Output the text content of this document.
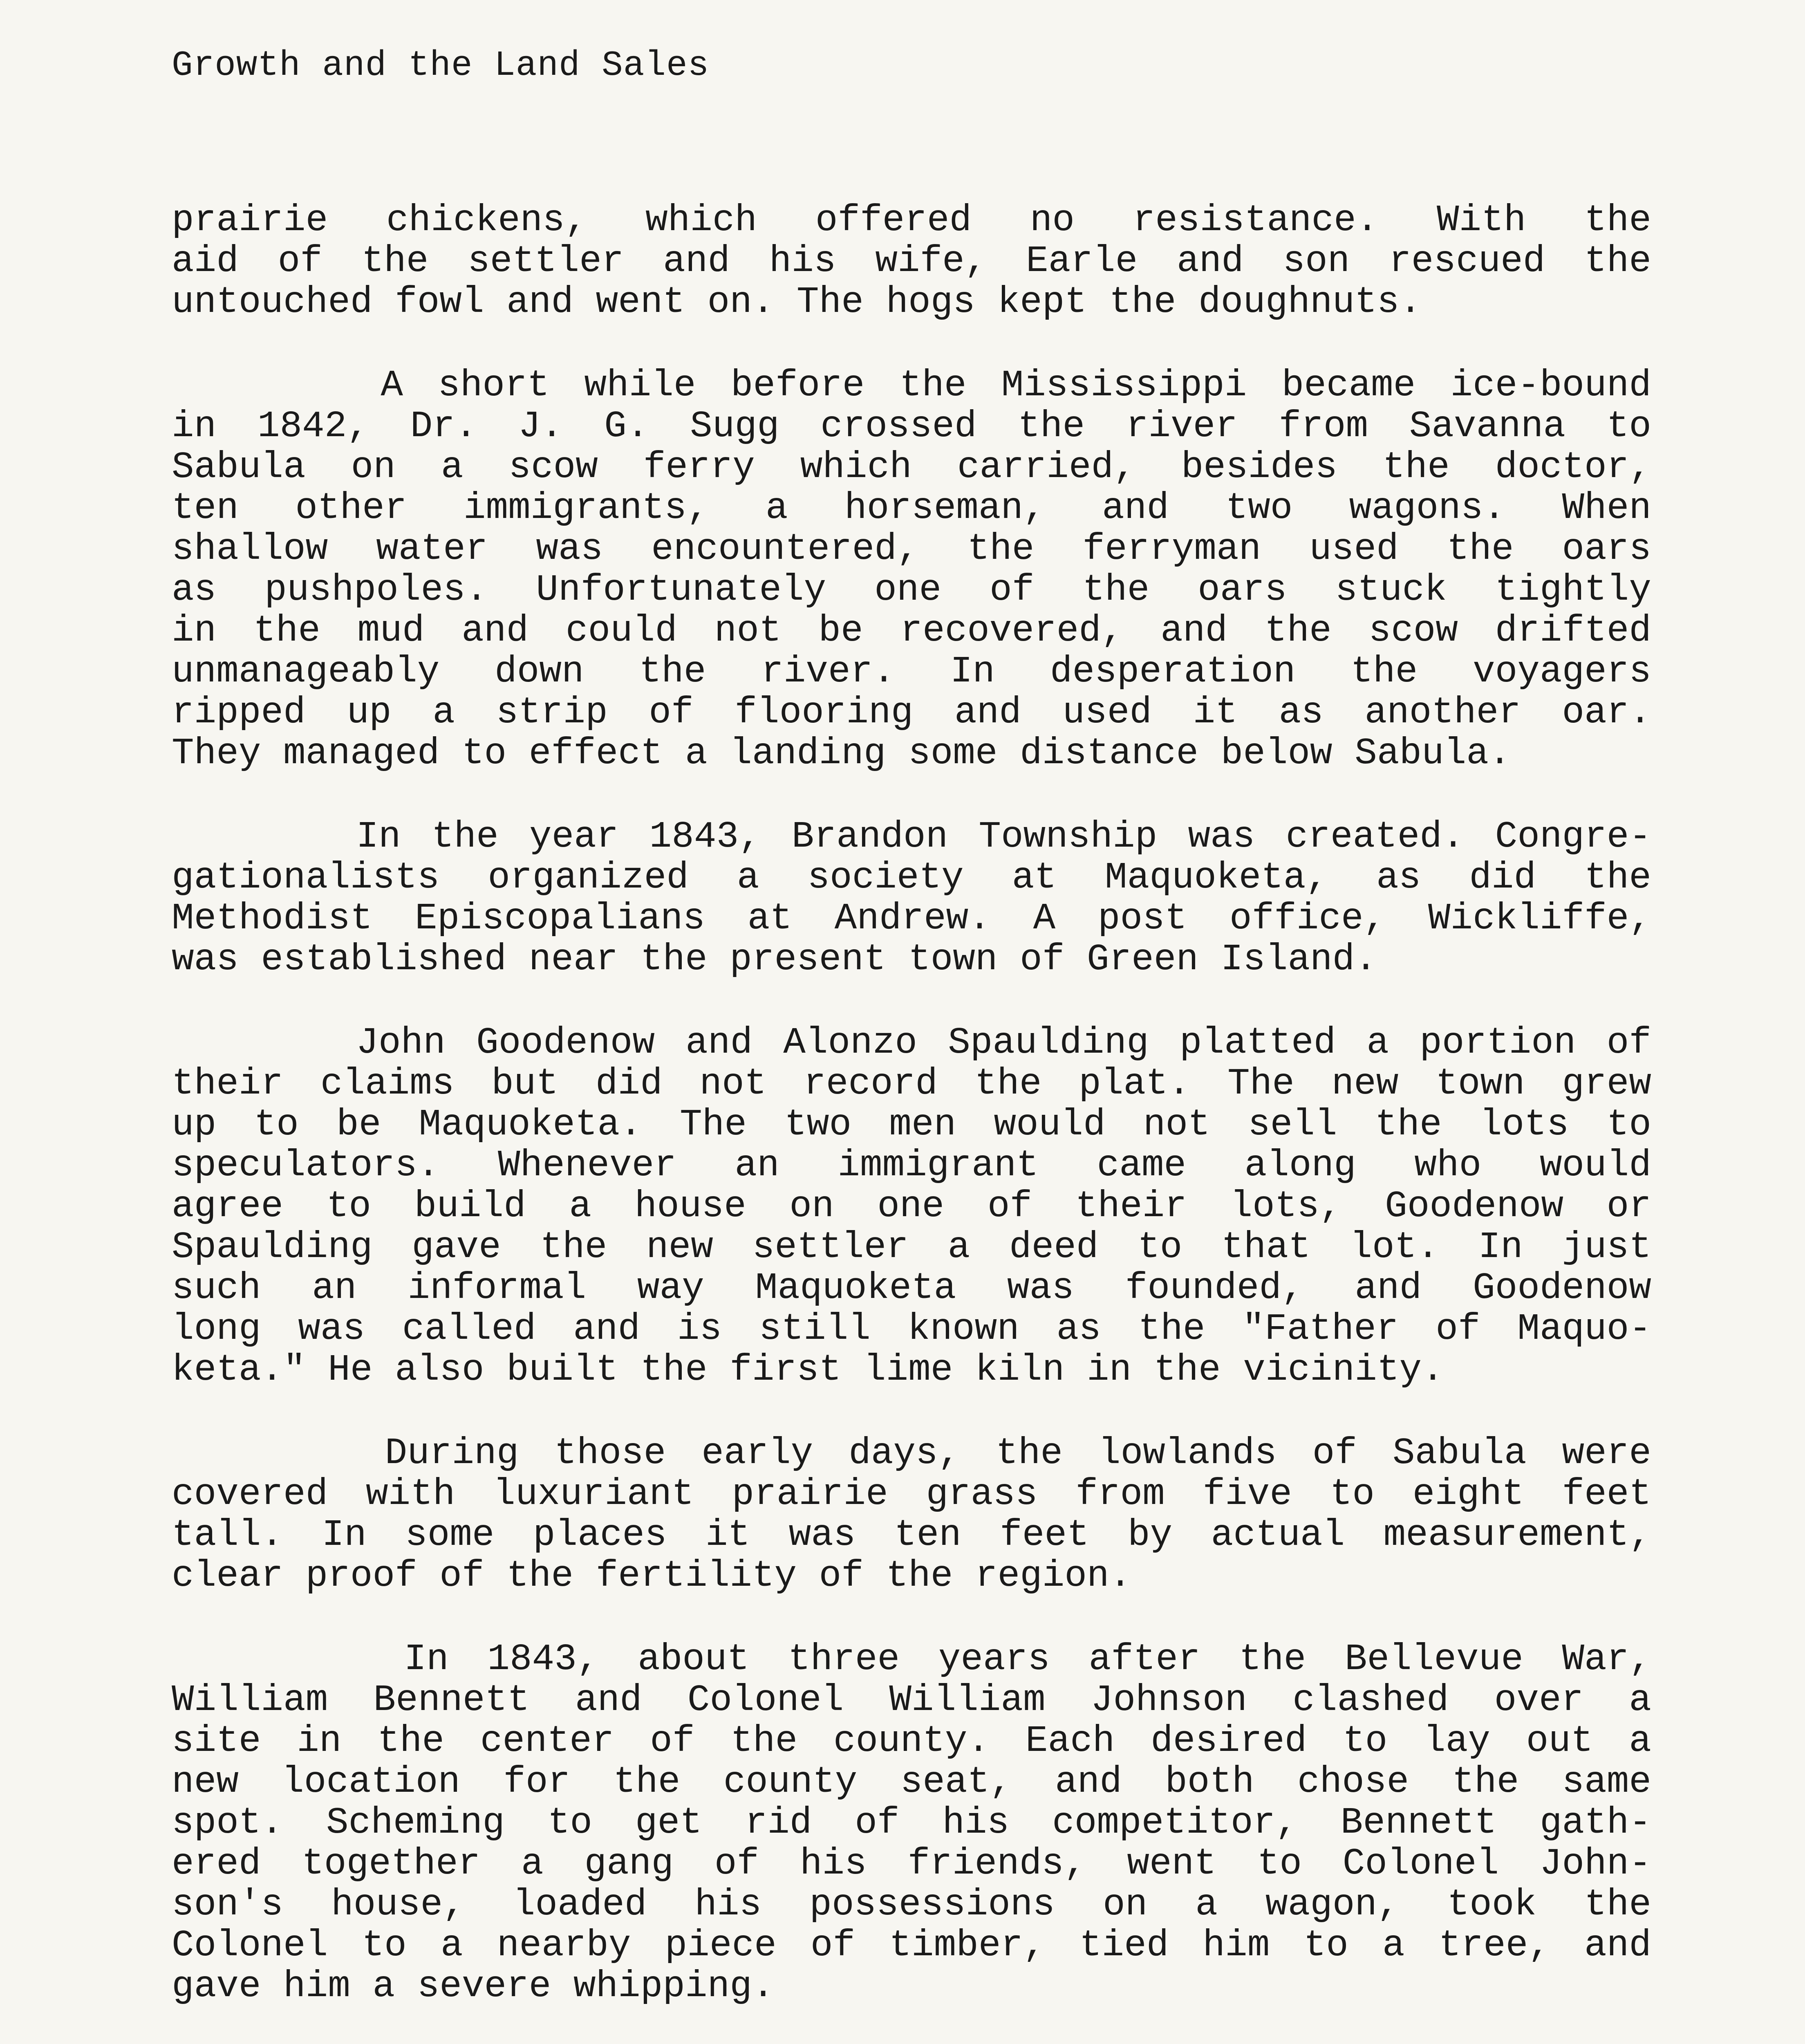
Growth and the Land Sales
prairie chickens, which offered no resistance. With the
aid of the settler and his wife, Earle and son rescued the
untouched fowl and went on. The hogs kept the doughnuts.
A short while before the Mississippi became ice-bound
in 1842, Dr. J. G. Sugg crossed the river from Savanna to
Sabula on a scow ferry which carried, besides the doctor,
ten other immigrants, a horseman, and two wagons. When
shallow water was encountered, the ferryman used the oars
as pushpoles. Unfortunately one of the oars stuck tightly
in the mud and could not be recovered, and the scow drifted
unmanageably down the river. In desperation the voyagers
ripped up a strip of flooring and used it as another oar.
They managed to effect a landing some distance below Sabula.
In the year 1843, Brandon Township was created. Congre-
gationalists organized a society at Maquoketa, as did the
Methodist Episcopalians at Andrew. A post office, Wickliffe,
was established near the present town of Green Island.
John Goodenow and Alonzo Spaulding platted a portion of
their claims but did not record the plat. The new town grew
up to be Maquoketa. The two men would not sell the lots to
speculators. Whenever an immigrant came along who would
agree to build a house on one of their lots, Goodenow or
Spaulding gave the new settler a deed to that lot. In just
such an informal way Maquoketa was founded, and Goodenow
long was called and is still known as the "Father of Maquo-
keta." He also built the first lime kiln in the vicinity.
During those early days, the lowlands of Sabula were
covered with luxuriant prairie grass from five to eight feet
tall. In some places it was ten feet by actual measurement,
clear proof of the fertility of the region.
In 1843, about three years after the Bellevue War,
William Bennett and Colonel William Johnson clashed over a
site in the center of the county. Each desired to lay out a
new location for the county seat, and both chose the same
spot. Scheming to get rid of his competitor, Bennett gath-
ered together a gang of his friends, went to Colonel John-
son's house, loaded his possessions on a wagon, took the
Colonel to a nearby piece of timber, tied him to a tree, and
gave him a severe whipping.
